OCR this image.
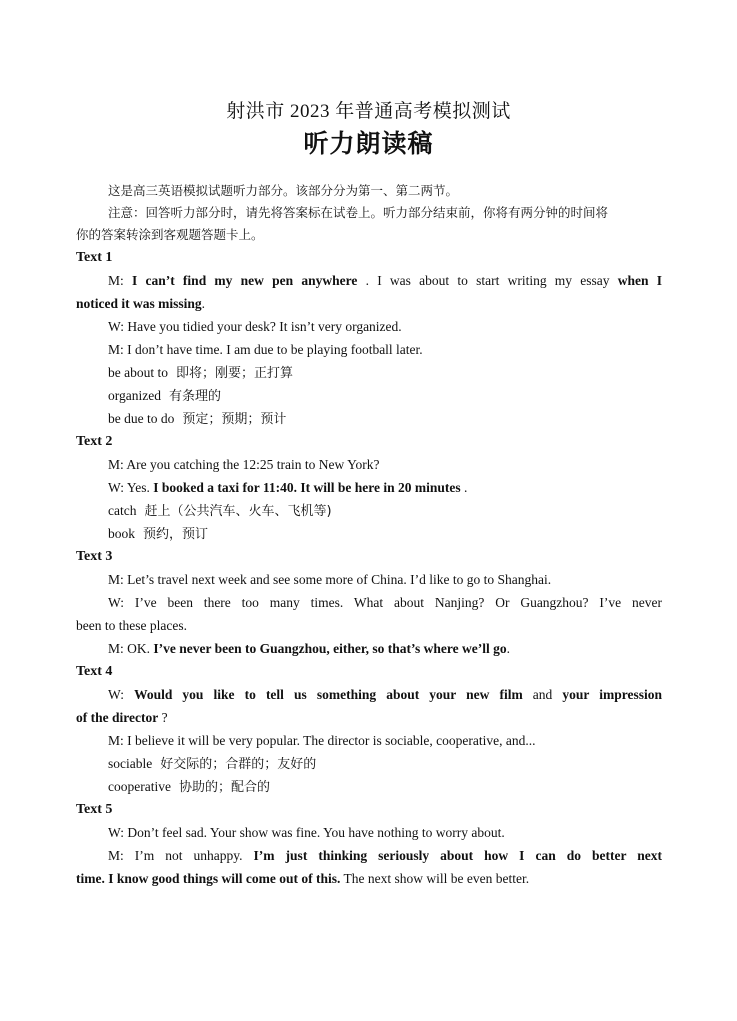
射洪市 2023 年普通高考模拟测试
听力朗读稿
这是高三英语模拟试题听力部分。该部分分为第一、第二两节。
注意：回答听力部分时，请先将答案标在试卷上。听力部分结束前，你将有两分钟的时间将
你的答案转涂到客观题答题卡上。
Text 1
M: I can’t find my new pen anywhere . I was about to start writing my essay when I
noticed it was missing.
W: Have you tidied your desk? It isn’t very organized.
M: I don’t have time. I am due to be playing football later.
be about to 即将；刚要；正打算
organized 有条理的
be due to do 预定；预期；预计
Text 2
M: Are you catching the 12:25 train to New York?
W: Yes. I booked a taxi for 11:40. It will be here in 20 minutes .
catch 赶上（公共汽车、火车、飞机等)
book 预约，预订
Text 3
M: Let’s travel next week and see some more of China. I’d like to go to Shanghai.
W: I’ve been there too many times. What about Nanjing? Or Guangzhou? I’ve never
been to these places.
M: OK. I’ve never been to Guangzhou, either, so that’s where we’ll go.
Text 4
W: Would you like to tell us something about your new film and your impression
of the director ?
M: I believe it will be very popular. The director is sociable, cooperative, and...
sociable 好交际的；合群的；友好的
cooperative 协助的；配合的
Text 5
W: Don’t feel sad. Your show was fine. You have nothing to worry about.
M: I’m not unhappy. I’m just thinking seriously about how I can do better next
time. I know good things will come out of this. The next show will be even better.
